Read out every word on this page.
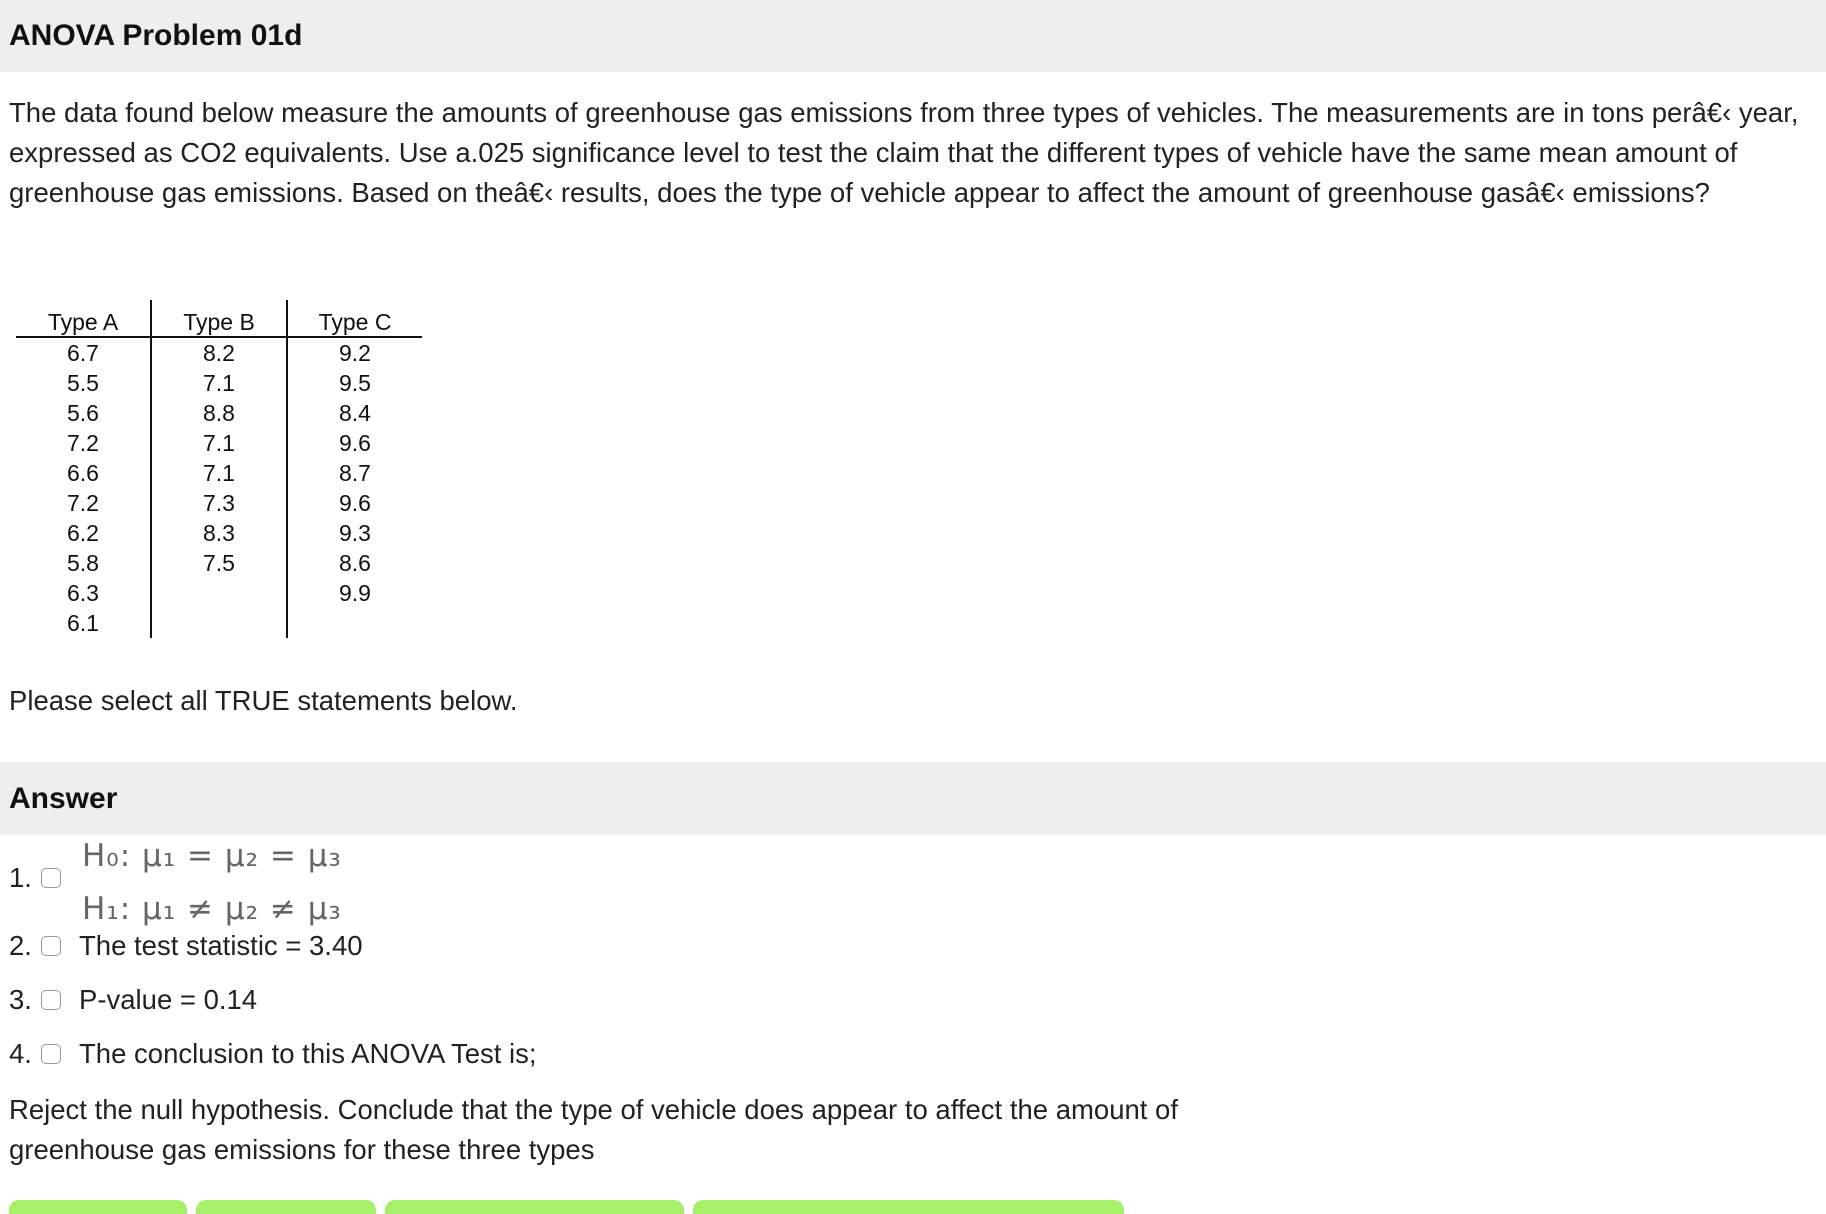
ANOVA Problem 01d
The data found below measure the amounts of greenhouse gas emissions from three types of vehicles. The measurements are in tons perâ€‹ year, expressed as CO2 equivalents. Use a.025 significance level to test the claim that the different types of vehicle have the same mean amount of greenhouse gas emissions. Based on theâ€‹ results, does the type of vehicle appear to affect the amount of greenhouse gasâ€‹ emissions?
Type A	Type B	Type C
6.7	8.2	9.2
5.5	7.1	9.5
5.6	8.8	8.4
7.2	7.1	9.6
6.6	7.1	8.7
7.2	7.3	9.6
6.2	8.3	9.3
5.8	7.5	8.6
6.3		9.9
6.1		
Please select all TRUE statements below.
Answer
H₀: μ₁ = μ₂ = μ₃
1.
H₁: μ₁ ≠ μ₂ ≠ μ₃
2.	The test statistic = 3.40
3.	P-value = 0.14
4.	The conclusion to this ANOVA Test is;
Reject the null hypothesis. Conclude that the type of vehicle does appear to affect the amount of greenhouse gas emissions for these three types
